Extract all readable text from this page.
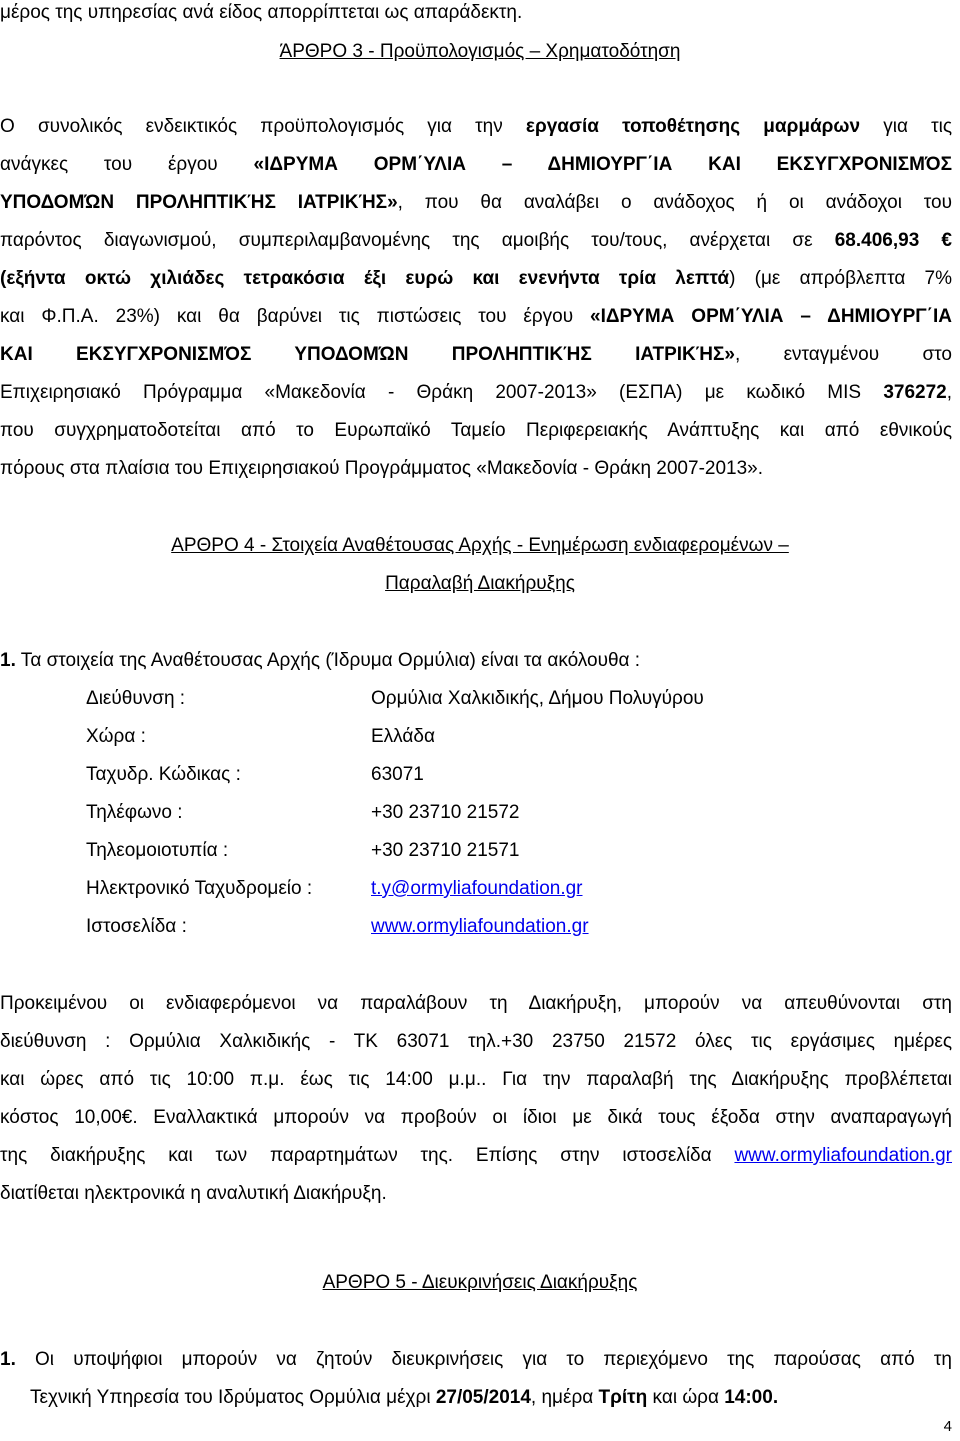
μέρος της υπηρεσίας ανά είδος απορρίπτεται ως απαράδεκτη.
ΆΡΘΡΟ 3 - Προϋπολογισμός – Χρηματοδότηση
Ο συνολικός ενδεικτικός προϋπολογισμός για την εργασία τοποθέτησης μαρμάρων για τις
ανάγκες του έργου «ΙΔΡΥΜΑ ΟΡΜ΄ΥΛΙΑ – ΔΗΜΙΟΥΡΓ΄ΙΑ ΚΑΙ ΕΚΣΥΓΧΡΟΝΙΣΜΌΣ
ΥΠΟΔΟΜΏΝ ΠΡΟΛΗΠΤΙΚΉΣ ΙΑΤΡΙΚΉΣ», που θα αναλάβει ο ανάδοχος ή οι ανάδοχοι του
παρόντος διαγωνισμού, συμπεριλαμβανομένης της αμοιβής του/τους, ανέρχεται σε 68.406,93 €
(εξήντα οκτώ χιλιάδες τετρακόσια έξι ευρώ και ενενήντα τρία λεπτά) (με απρόβλεπτα 7%
και Φ.Π.Α. 23%) και θα βαρύνει τις πιστώσεις του έργου «ΙΔΡΥΜΑ ΟΡΜ΄ΥΛΙΑ – ΔΗΜΙΟΥΡΓ΄ΙΑ
ΚΑΙ ΕΚΣΥΓΧΡΟΝΙΣΜΌΣ ΥΠΟΔΟΜΏΝ ΠΡΟΛΗΠΤΙΚΉΣ ΙΑΤΡΙΚΉΣ», ενταγμένου στο
Επιχειρησιακό Πρόγραμμα «Μακεδονία - Θράκη 2007-2013» (ΕΣΠΑ) με κωδικό MIS 376272,
που συγχρηματοδοτείται από το Ευρωπαϊκό Ταμείο Περιφερειακής Ανάπτυξης και από εθνικούς
πόρους στα πλαίσια του Επιχειρησιακού Προγράμματος «Μακεδονία - Θράκη 2007-2013».
ΑΡΘΡΟ 4 - Στοιχεία Αναθέτουσας Αρχής - Ενημέρωση ενδιαφερομένων –
Παραλαβή Διακήρυξης
1. Τα στοιχεία της Αναθέτουσας Αρχής (Ίδρυμα Ορμύλια) είναι τα ακόλουθα :
Διεύθυνση :	Ορμύλια Χαλκιδικής, Δήμου Πολυγύρου
Χώρα :	Ελλάδα
Ταχυδρ. Κώδικας :	63071
Τηλέφωνο :	+30 23710 21572
Τηλεομοιοτυπία :	+30 23710 21571
Ηλεκτρονικό Ταχυδρομείο :	t.y@ormyliafoundation.gr
Ιστοσελίδα :	www.ormyliafoundation.gr
Προκειμένου οι ενδιαφερόμενοι να παραλάβουν τη Διακήρυξη, μπορούν να απευθύνονται στη
διεύθυνση : Ορμύλια Χαλκιδικής - ΤΚ 63071 τηλ.+30 23750 21572 όλες τις εργάσιμες ημέρες
και ώρες από τις 10:00 π.μ. έως τις 14:00 μ.μ.. Για την παραλαβή της Διακήρυξης προβλέπεται
κόστος 10,00€. Εναλλακτικά μπορούν να προβούν οι ίδιοι με δικά τους έξοδα στην αναπαραγωγή
της διακήρυξης και των παραρτημάτων της. Επίσης στην ιστοσελίδα www.ormyliafoundation.gr
διατίθεται ηλεκτρονικά η αναλυτική Διακήρυξη.
ΑΡΘΡΟ 5 - Διευκρινήσεις Διακήρυξης
1. Οι υποψήφιοι μπορούν να ζητούν διευκρινήσεις για το περιεχόμενο της παρούσας από τη
Τεχνική Υπηρεσία του Ιδρύματος Ορμύλια μέχρι 27/05/2014, ημέρα Τρίτη και ώρα 14:00.
4
